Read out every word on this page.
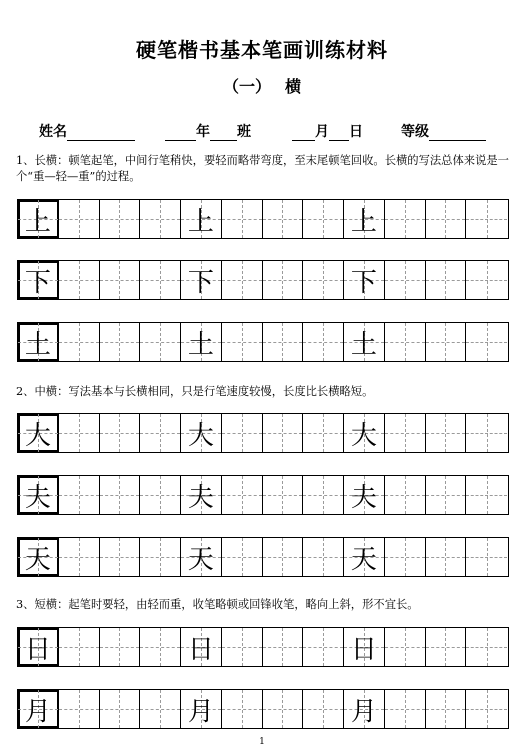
硬笔楷书基本笔画训练材料
（一） 横
姓名	年 班	月 日	等级
1、长横：顿笔起笔，中间行笔稍快，要轻而略带弯度，至末尾顿笔回收。长横的写法总体来说是一个“重—轻—重”的过程。
上	上	上
下	下	下
土	土	土
2、中横：写法基本与长横相同，只是行笔速度较慢，长度比长横略短。
大	大	大
夫	夫	夫
天	天	天
3、短横：起笔时要轻，由轻而重，收笔略顿或回锋收笔，略向上斜，形不宜长。
日	日	日
月	月	月
1
